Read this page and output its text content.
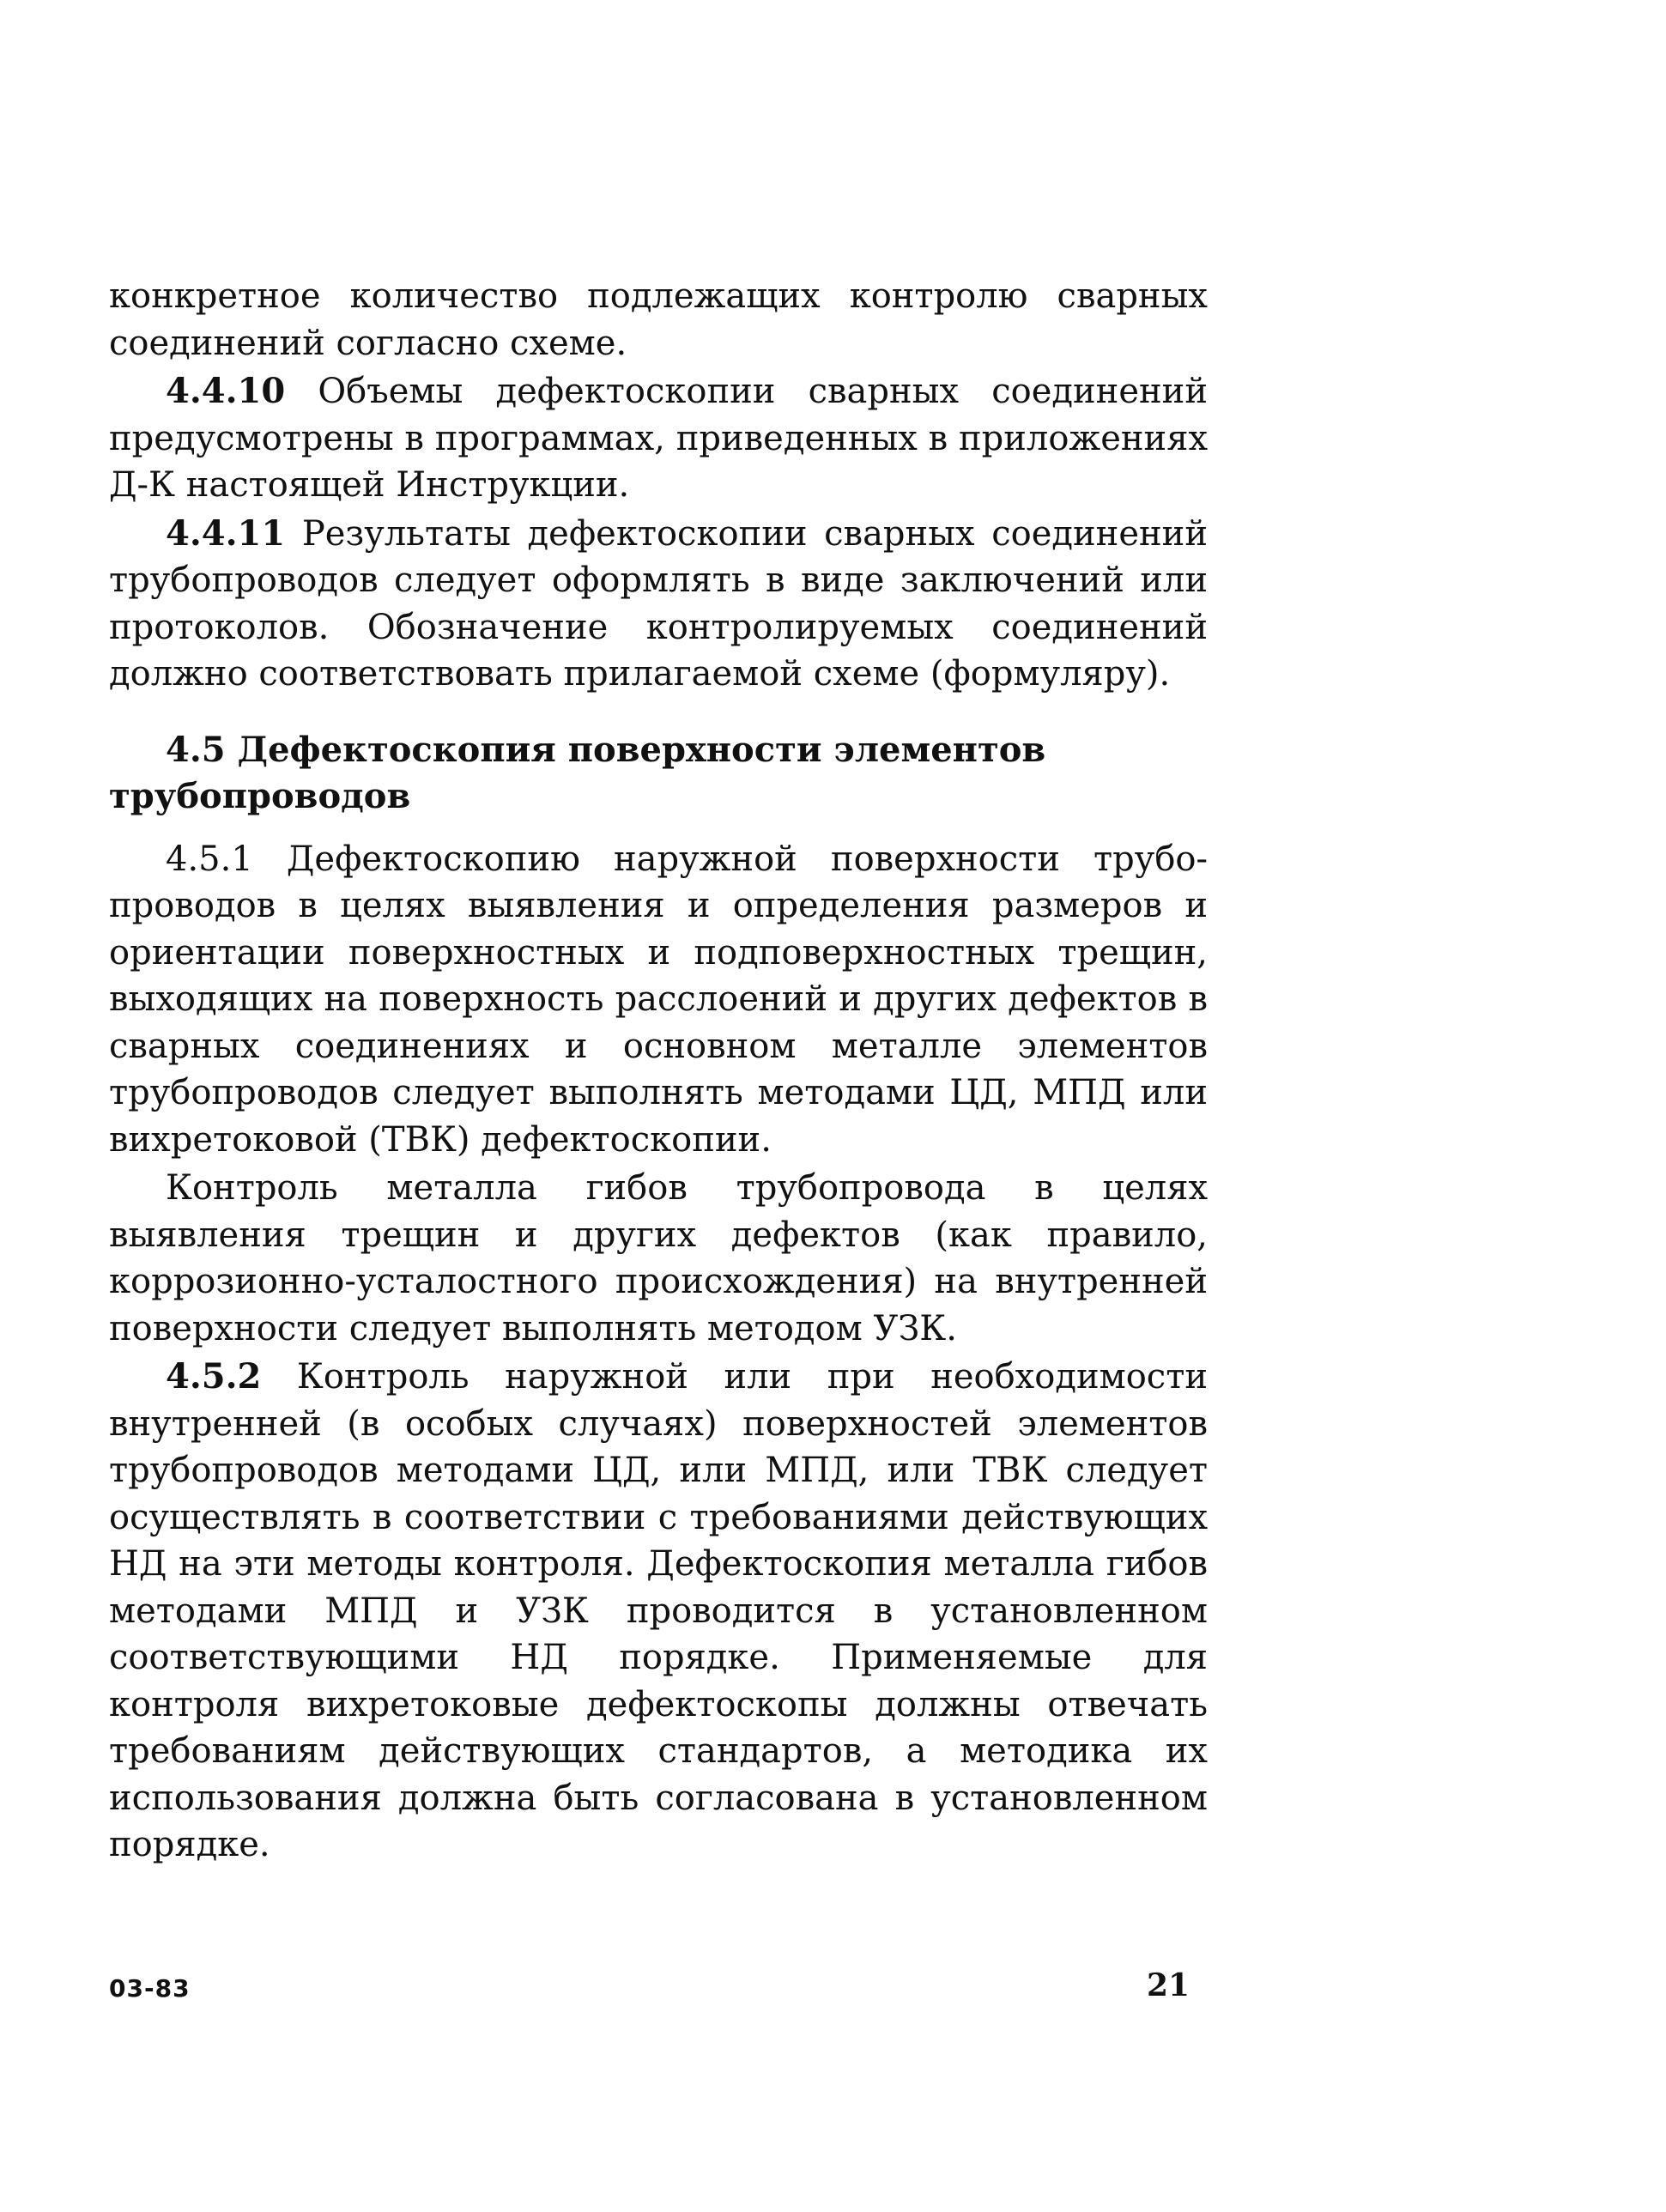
конкретное количество подлежащих контролю сварных соединений согласно схеме.

4.4.10 Объемы дефектоскопии сварных соединений предусмотрены в программах, приведенных в приложениях Д-К настоящей Инструкции.

4.4.11 Результаты дефектоскопии сварных соединений трубопроводов следует оформлять в виде заключений или протоколов. Обозначение контролируемых соединений должно соответствовать прилагаемой схеме (формуляру).

4.5 Дефектоскопия поверхности элементов трубопроводов

4.5.1 Дефектоскопию наружной поверхности трубопроводов в целях выявления и определения размеров и ориентации поверхностных и подповерхностных трещин, выходящих на поверхность расслоений и других дефектов в сварных соединениях и основном металле элементов трубопроводов следует выполнять методами ЦД, МПД или вихретоковой (ТВК) дефектоскопии.

Контроль металла гибов трубопровода в целях выявления трещин и других дефектов (как правило, коррозионно-усталостного происхождения) на внутренней поверхности следует выполнять методом УЗК.

4.5.2 Контроль наружной или при необходимости внутренней (в особых случаях) поверхностей элементов трубопроводов методами ЦД, или МПД, или ТВК следует осуществлять в соответствии с требованиями действующих НД на эти методы контроля. Дефектоскопия металла гибов методами МПД и УЗК проводится в установленном соответствующими НД порядке. Применяемые для контроля вихретоковые дефектоскопы должны отвечать требованиям действующих стандартов, а методика их использования должна быть согласована в установленном порядке.

03-83	21
